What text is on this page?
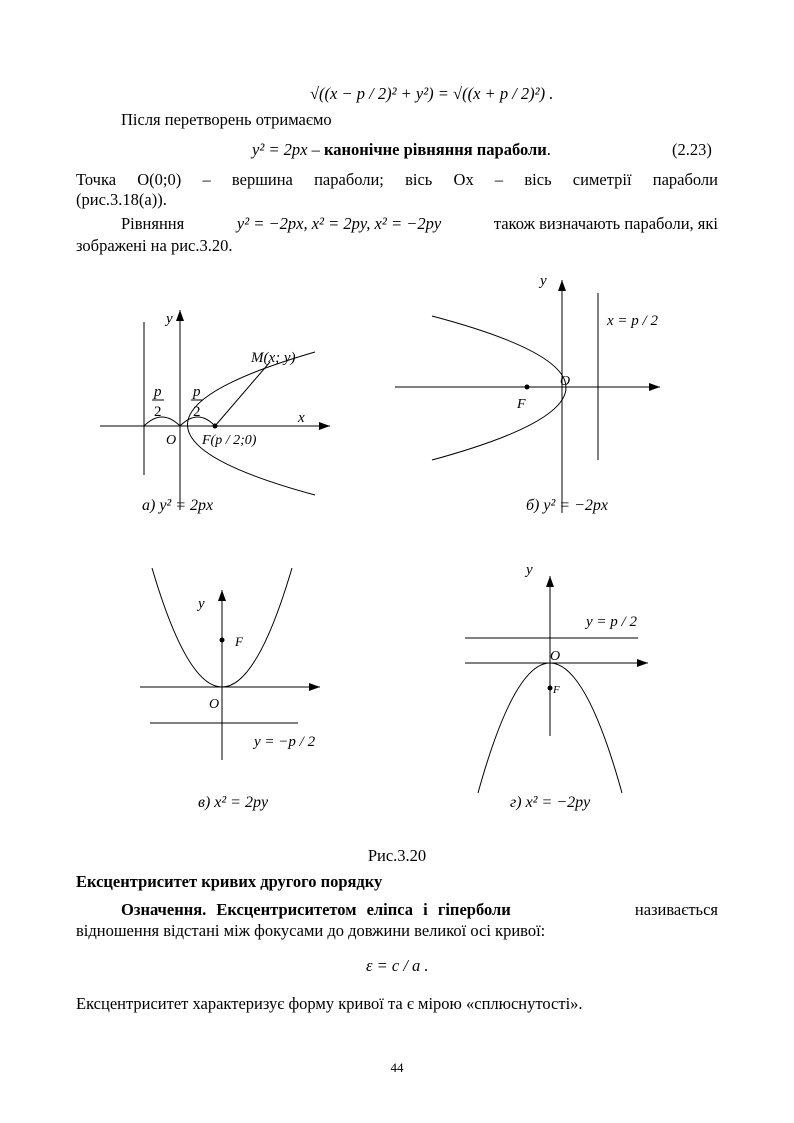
√((x − p / 2)² + y²) = √((x + p / 2)²) .
Після перетворень отримаємо
y² = 2px – канонічне рівняння параболи.	(2.23)
Точка O(0;0) – вершина параболи; вісь Ox – вісь симетрії параболи
(рис.3.18(a)).
Рівняння	y² = −2px, x² = 2py, x² = −2py	також визначають параболи, які
зображені на рис.3.20.
y
x
O
M(x; y)
F(p / 2;0)
p
2
p
2
а) y² = 2px
y
O
F
x = p / 2
б) y² = −2px
y
O
F
y = −p / 2
в) x² = 2py
y
O
F
y = p / 2
г) x² = −2py
Рис.3.20
Ексцентриситет кривих другого порядку
Означення. Ексцентриситетом еліпса і гіперболи	називається
відношення відстані між фокусами до довжини великої осі кривої:
ε = c / a .
Ексцентриситет характеризує форму кривої та є мірою «сплюснутості».
44
